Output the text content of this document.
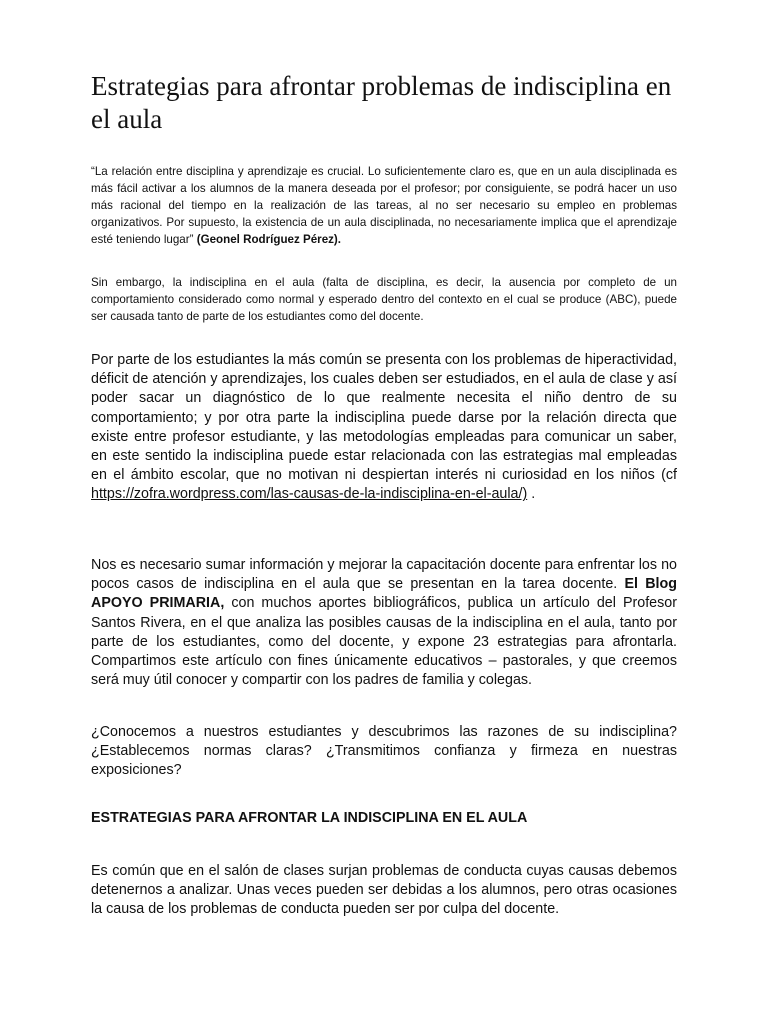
Estrategias para afrontar problemas de indisciplina en el aula

“La relación entre disciplina y aprendizaje es crucial. Lo suficientemente claro es, que en un aula disciplinada es más fácil activar a los alumnos de la manera deseada por el profesor; por consiguiente, se podrá hacer un uso más racional del tiempo en la realización de las tareas, al no ser necesario su empleo en problemas organizativos. Por supuesto, la existencia de un aula disciplinada, no necesariamente implica que el aprendizaje esté teniendo lugar” (Geonel Rodríguez Pérez).

Sin embargo, la indisciplina en el aula (falta de disciplina, es decir, la ausencia por completo de un comportamiento considerado como normal y esperado dentro del contexto en el cual se produce (ABC), puede ser causada tanto de parte de los estudiantes como del docente.

Por parte de los estudiantes la más común se presenta con los problemas de hiperactividad, déficit de atención y aprendizajes, los cuales deben ser estudiados, en el aula de clase y así poder sacar un diagnóstico de lo que realmente necesita el niño dentro de su comportamiento; y por otra parte la indisciplina puede darse por la relación directa que existe entre profesor estudiante, y las metodologías empleadas para comunicar un saber, en este sentido la indisciplina puede estar relacionada con las estrategias mal empleadas en el ámbito escolar, que no motivan ni despiertan interés ni curiosidad en los niños (cf https://zofra.wordpress.com/las-causas-de-la-indisciplina-en-el-aula/) .

Nos es necesario sumar información y mejorar la capacitación docente para enfrentar los no pocos casos de indisciplina en el aula que se presentan en la tarea docente. El Blog APOYO PRIMARIA, con muchos aportes bibliográficos, publica un artículo del Profesor Santos Rivera, en el que analiza las posibles causas de la indisciplina en el aula, tanto por parte de los estudiantes, como del docente, y expone 23 estrategias para afrontarla. Compartimos este artículo con fines únicamente educativos – pastorales, y que creemos será muy útil conocer y compartir con los padres de familia y colegas.

¿Conocemos a nuestros estudiantes y descubrimos las razones de su indisciplina? ¿Establecemos normas claras? ¿Transmitimos confianza y firmeza en nuestras exposiciones?

ESTRATEGIAS PARA AFRONTAR LA INDISCIPLINA EN EL AULA

Es común que en el salón de clases surjan problemas de conducta cuyas causas debemos detenernos a analizar. Unas veces pueden ser debidas a los alumnos, pero otras ocasiones la causa de los problemas de conducta pueden ser por culpa del docente.
